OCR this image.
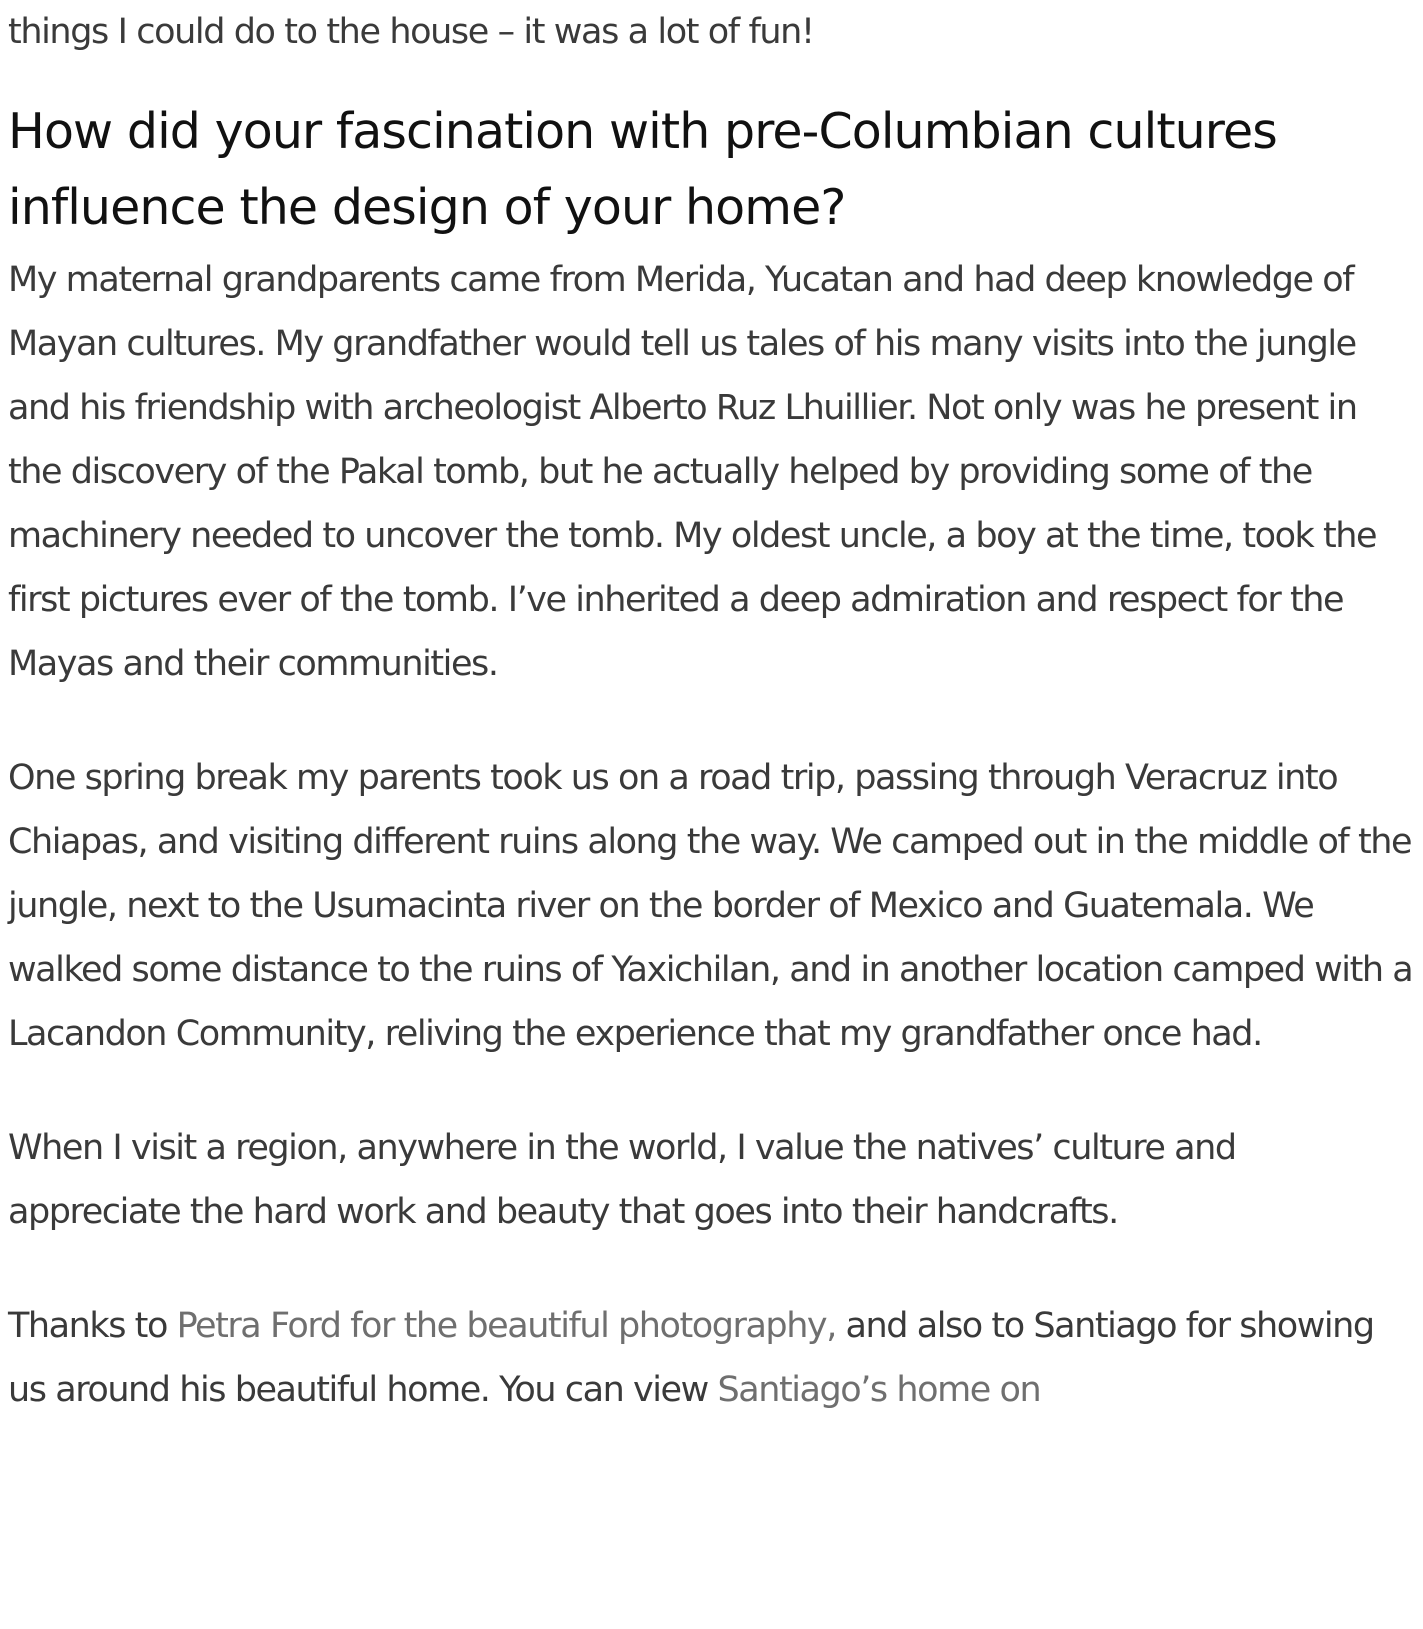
things I could do to the house – it was a lot of fun!

How did your fascination with pre-Columbian cultures influence the design of your home?

My maternal grandparents came from Merida, Yucatan and had deep knowledge of Mayan cultures. My grandfather would tell us tales of his many visits into the jungle and his friendship with archeologist Alberto Ruz Lhuillier. Not only was he present in the discovery of the Pakal tomb, but he actually helped by providing some of the machinery needed to uncover the tomb. My oldest uncle, a boy at the time, took the first pictures ever of the tomb. I’ve inherited a deep admiration and respect for the Mayas and their communities.

One spring break my parents took us on a road trip, passing through Veracruz into Chiapas, and visiting different ruins along the way. We camped out in the middle of the jungle, next to the Usumacinta river on the border of Mexico and Guatemala. We walked some distance to the ruins of Yaxichilan, and in another location camped with a Lacandon Community, reliving the experience that my grandfather once had.

When I visit a region, anywhere in the world, I value the natives’ culture and appreciate the hard work and beauty that goes into their handcrafts.

Thanks to Petra Ford for the beautiful photography, and also to Santiago for showing us around his beautiful home. You can view Santiago’s home on
